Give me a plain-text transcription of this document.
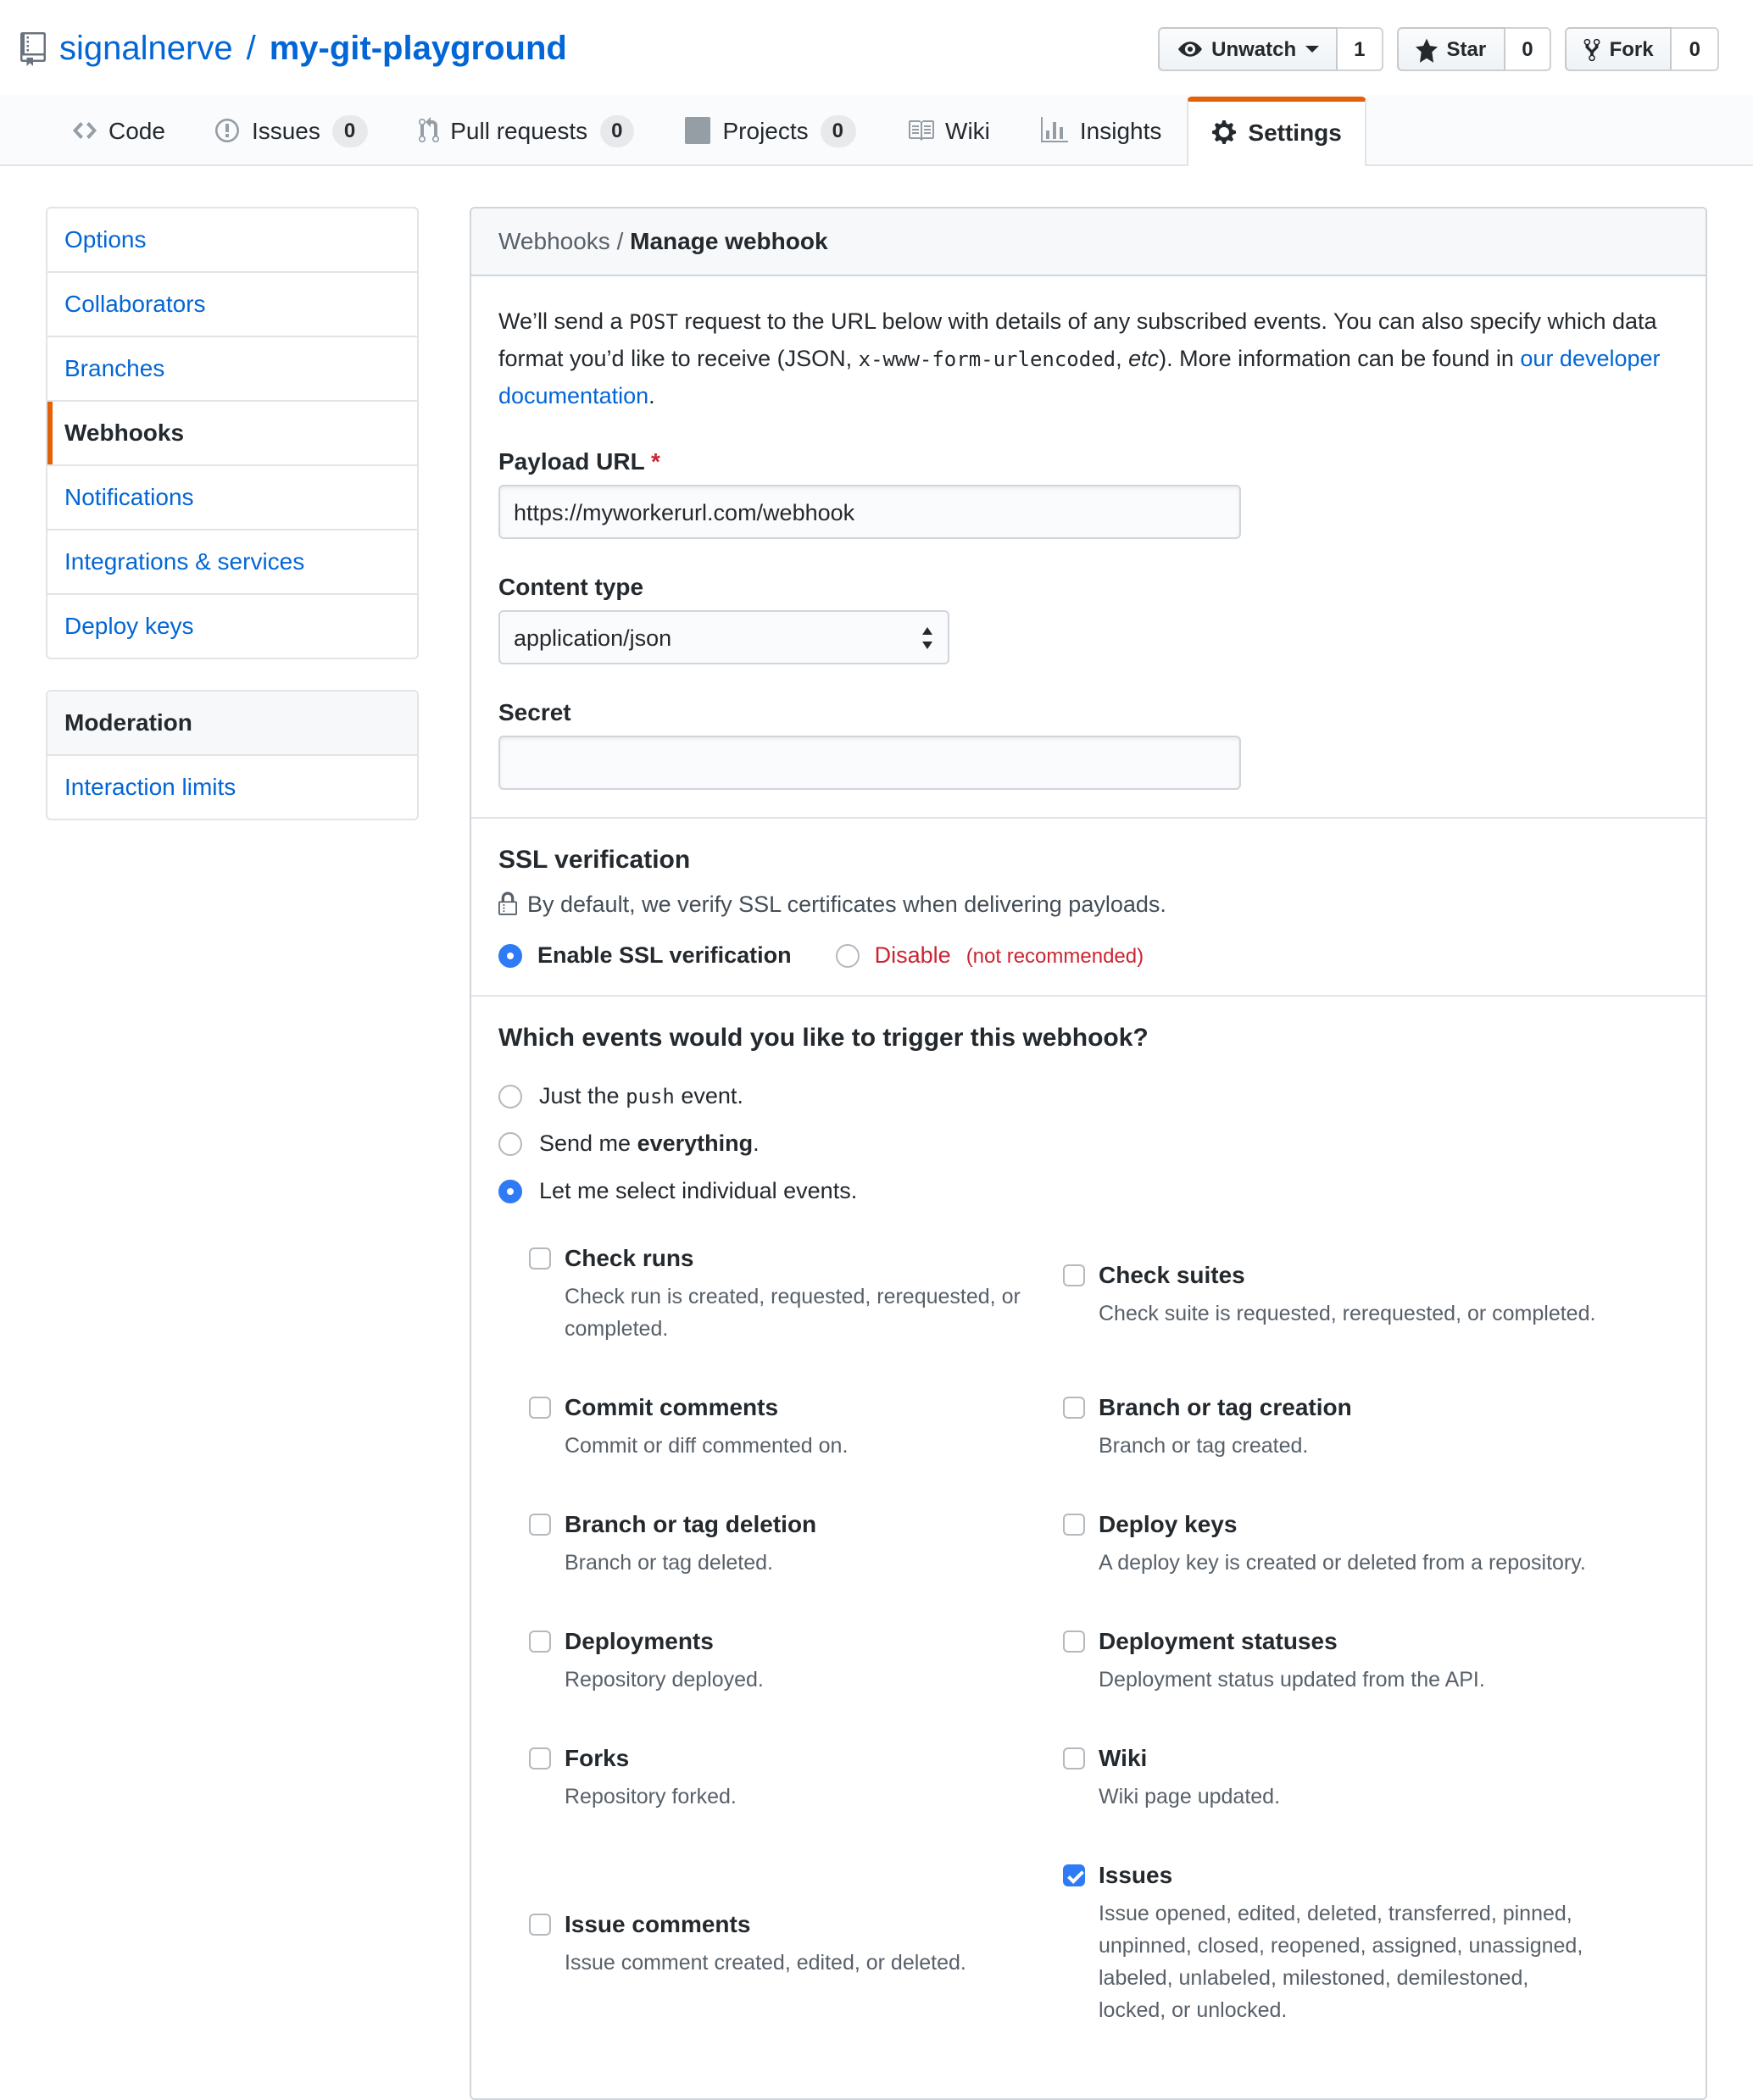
signalnerve / my-git-playground	Unwatch	1	Star	0	Fork	0
Code	Issues	0	Pull requests	0	Projects	0	Wiki	Insights	Settings
Options
Collaborators
Branches
Webhooks
Notifications
Integrations & services
Deploy keys
Moderation
Interaction limits
Webhooks / Manage webhook

We’ll send a POST request to the URL below with details of any subscribed events. You can also specify which data format you’d like to receive (JSON, x-www-form-urlencoded, etc). More information can be found in our developer documentation.

Payload URL *
https://myworkerurl.com/webhook
Content type
application/json
Secret
SSL verification
By default, we verify SSL certificates when delivering payloads.
Enable SSL verification	Disable (not recommended)
Which events would you like to trigger this webhook?
Just the push event.
Send me everything.
Let me select individual events.
Check runs

Check run is created, requested, rerequested, or completed.

Check suites

Check suite is requested, rerequested, or completed.

Commit comments

Commit or diff commented on.

Branch or tag creation

Branch or tag created.

Branch or tag deletion

Branch or tag deleted.

Deploy keys

A deploy key is created or deleted from a repository.

Deployments

Repository deployed.

Deployment statuses

Deployment status updated from the API.

Forks

Repository forked.

Wiki

Wiki page updated.

Issue comments

Issue comment created, edited, or deleted.

Issues

Issue opened, edited, deleted, transferred, pinned, unpinned, closed, reopened, assigned, unassigned, labeled, unlabeled, milestoned, demilestoned, locked, or unlocked.
